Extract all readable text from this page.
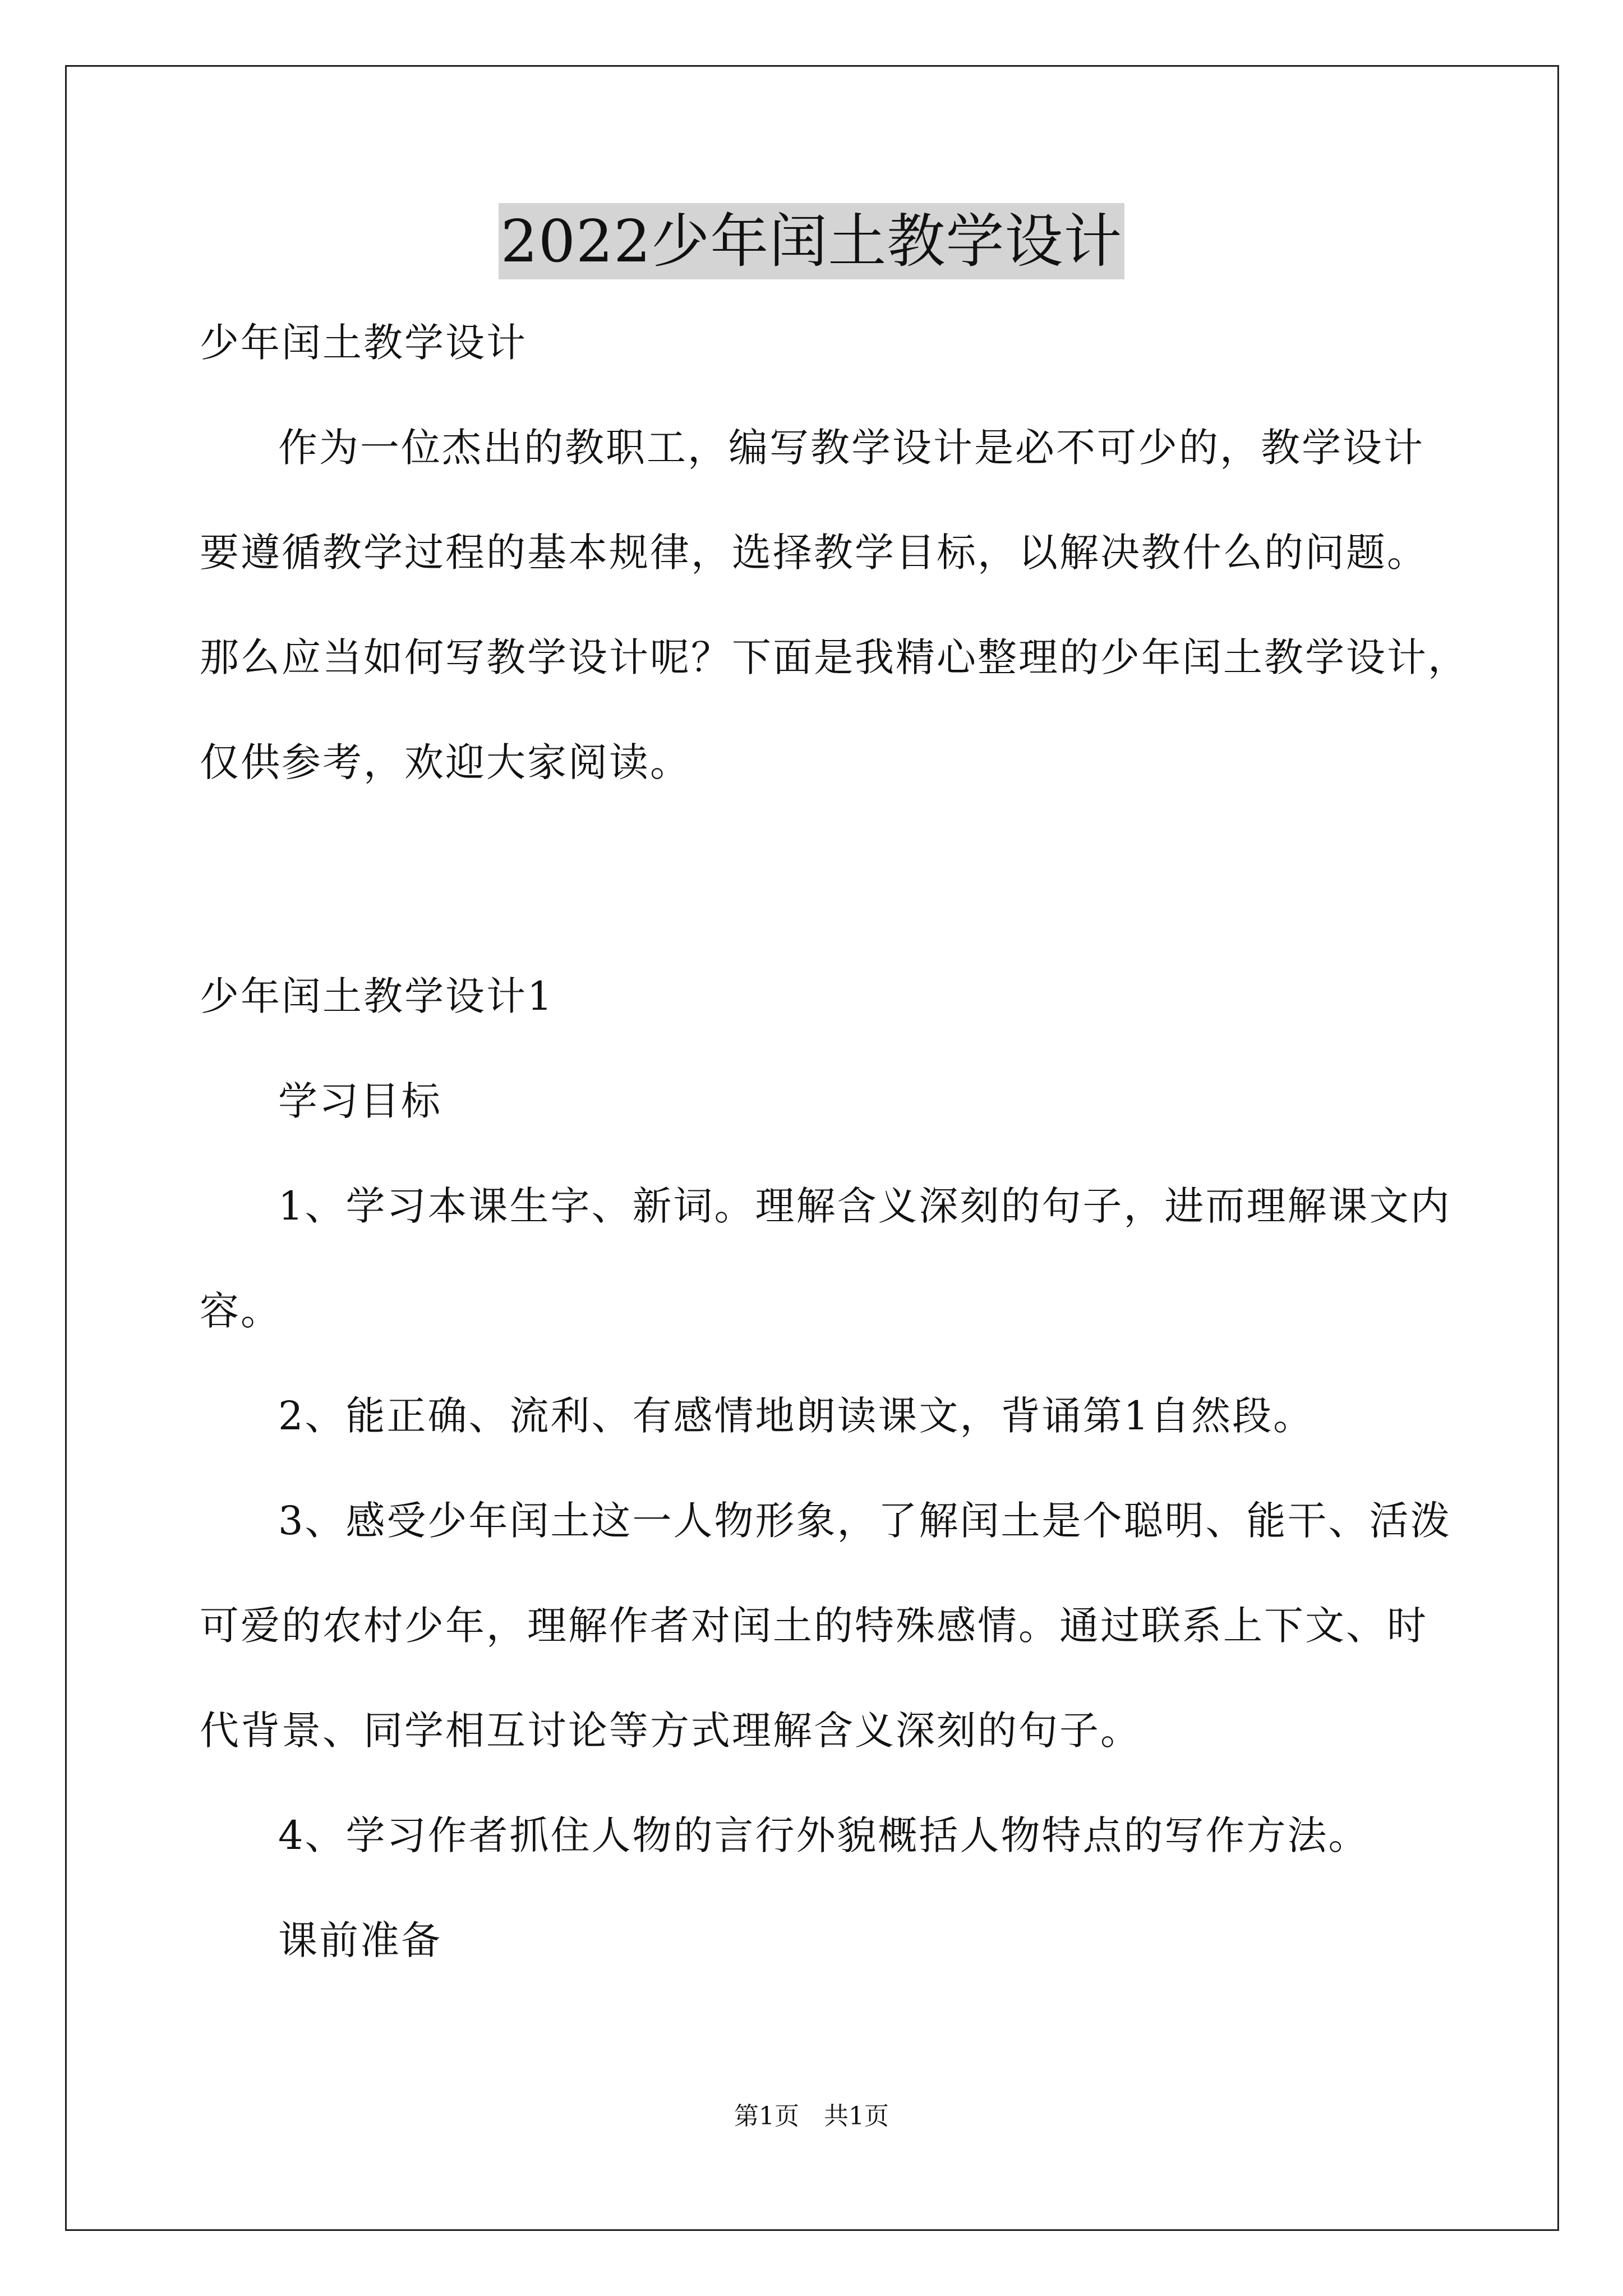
2022少年闰土教学设计
少年闰土教学设计
作为一位杰出的教职工，编写教学设计是必不可少的，教学设计
要遵循教学过程的基本规律，选择教学目标，以解决教什么的问题。
那么应当如何写教学设计呢？下面是我精心整理的少年闰土教学设计，
仅供参考，欢迎大家阅读。
少年闰土教学设计1
学习目标
1、学习本课生字、新词。理解含义深刻的句子，进而理解课文内
容。
2、能正确、流利、有感情地朗读课文，背诵第1自然段。
3、感受少年闰土这一人物形象，了解闰土是个聪明、能干、活泼
可爱的农村少年，理解作者对闰土的特殊感情。通过联系上下文、时
代背景、同学相互讨论等方式理解含义深刻的句子。
4、学习作者抓住人物的言行外貌概括人物特点的写作方法。
课前准备
第1页　共1页
